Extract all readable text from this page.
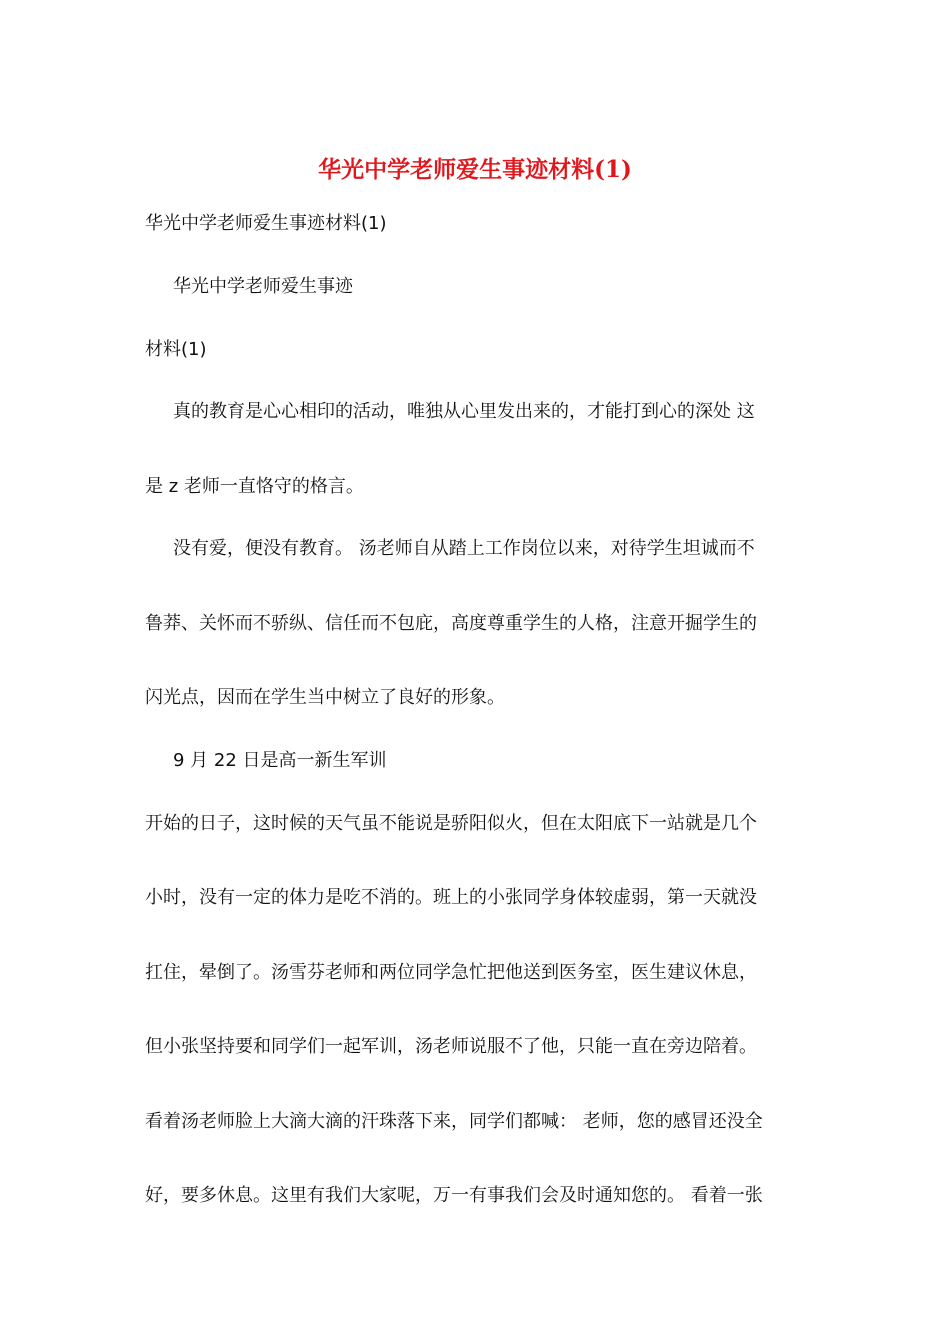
华光中学老师爱生事迹材料(1)
华光中学老师爱生事迹材料(1)
华光中学老师爱生事迹
材料(1)
真的教育是心心相印的活动，唯独从心里发出来的，才能打到心的深处 这
是 z 老师一直恪守的格言。
没有爱，便没有教育。 汤老师自从踏上工作岗位以来，对待学生坦诚而不
鲁莽、关怀而不骄纵、信任而不包庇，高度尊重学生的人格，注意开掘学生的
闪光点，因而在学生当中树立了良好的形象。
9 月 22 日是高一新生军训
开始的日子，这时候的天气虽不能说是骄阳似火，但在太阳底下一站就是几个
小时，没有一定的体力是吃不消的。班上的小张同学身体较虚弱，第一天就没
扛住，晕倒了。汤雪芬老师和两位同学急忙把他送到医务室，医生建议休息，
但小张坚持要和同学们一起军训，汤老师说服不了他，只能一直在旁边陪着。
看着汤老师脸上大滴大滴的汗珠落下来，同学们都喊： 老师，您的感冒还没全
好，要多休息。这里有我们大家呢，万一有事我们会及时通知您的。 看着一张
